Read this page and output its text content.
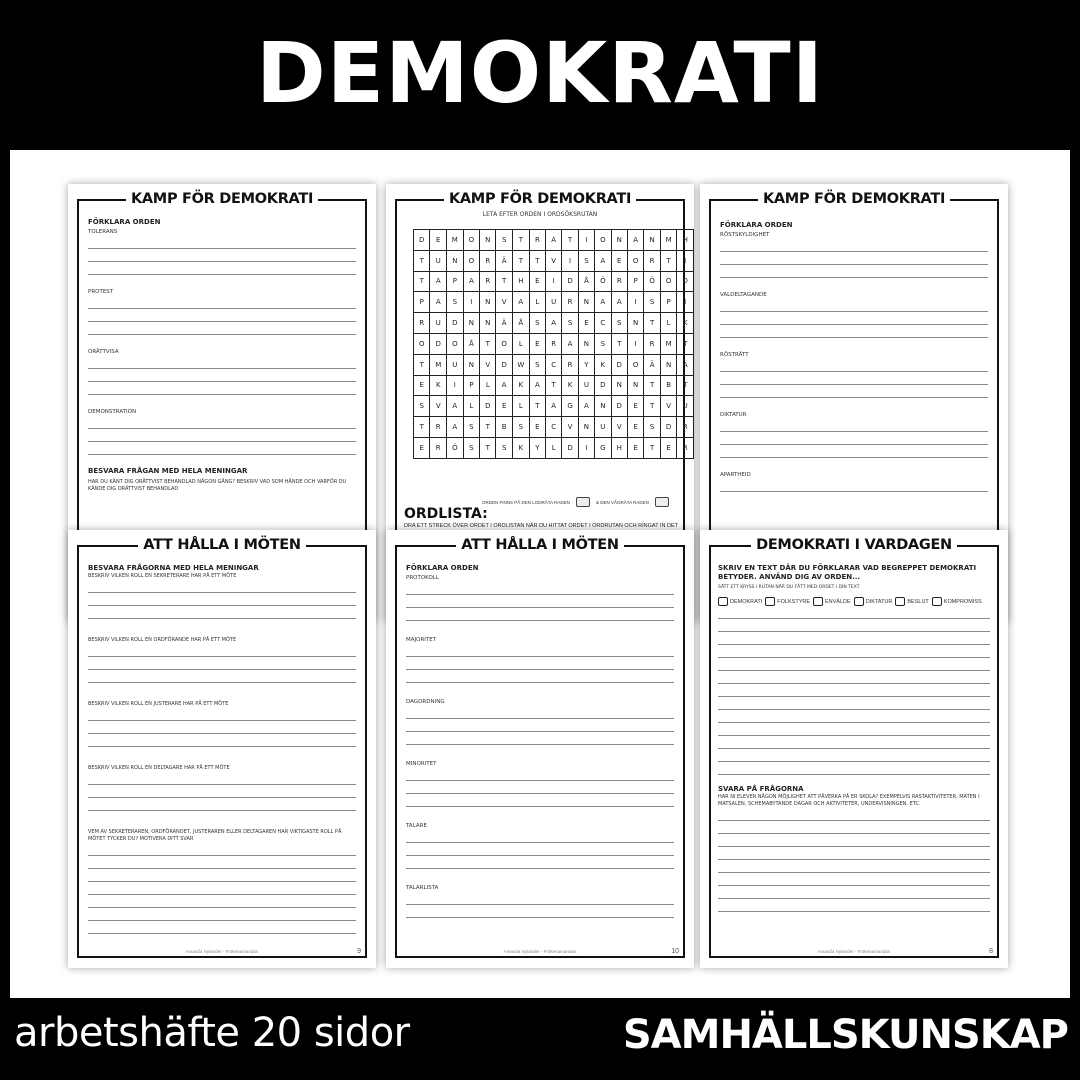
DEMOKRATI
KAMP FÖR DEMOKRATI
FÖRKLARA ORDEN
TOLERANS
PROTEST
ORÄTTVISA
DEMONSTRATION
BESVARA FRÅGAN MED HELA MENINGAR
HAR DU KÄNT DIG ORÄTTVIST BEHANDLAD NÅGON GÅNG? BESKRIV VAD SOM HÄNDE OCH VARFÖR DU KÄNDE DIG ORÄTTVIST BEHANDLAD
KAMP FÖR DEMOKRATI
LETA EFTER ORDEN I ORDSÖKSRUTAN
D	E	M	O	N	S	T	R	A	T	I	O	N	A	N	M	H
T	U	N	O	R	Ä	T	T	V	I	S	A	E	O	R	T	I
T	A	P	A	R	T	H	E	I	D	Å	Ö	R	P	Ö	O	D
P	A	S	I	N	V	A	L	U	R	N	A	A	I	S	P	I
R	U	D	N	N	Ä	Å	S	A	S	E	C	S	N	T	L	K
O	D	O	Å	T	O	L	E	R	A	N	S	T	I	R	M	T
T	M	U	N	V	D	W	S	C	R	Y	K	D	O	Ä	N	A
E	K	I	P	L	A	K	A	T	K	U	D	N	N	T	B	T
S	V	A	L	D	E	L	T	A	G	A	N	D	E	T	V	U
T	R	A	S	T	B	S	E	C	V	N	U	V	E	S	D	R
E	R	Ö	S	T	S	K	Y	L	D	I	G	H	E	T	E	R
ORDEN FINNS PÅ DEN LODRÄTA RADEN	& DEN VÅGRÄTA RADEN
ORDLISTA:
DRA ETT STRECK ÖVER ORDET I ORDLISTAN NÄR DU HITTAT ORDET I ORDRUTAN OCH RINGAT IN DET
KAMP FÖR DEMOKRATI
FÖRKLARA ORDEN
RÖSTSKYLDIGHET
VALDELTAGANDE
RÖSTRÄTT
DIKTATUR
APARTHEID
ATT HÅLLA I MÖTEN
BESVARA FRÅGORNA MED HELA MENINGAR
BESKRIV VILKEN ROLL EN SEKRETERARE HAR PÅ ETT MÖTE
BESKRIV VILKEN ROLL EN ORDFÖRANDE HAR PÅ ETT MÖTE
BESKRIV VILKEN ROLL EN JUSTERARE HAR PÅ ETT MÖTE
BESKRIV VILKEN ROLL EN DELTAGARE HAR PÅ ETT MÖTE
VEM AV SEKRETERAREN, ORDFÖRANDET, JUSTERAREN ELLER DELTAGAREN HAR VIKTIGASTE ROLL PÅ MÖTET TYCKER DU? MOTIVERA DITT SVAR
Amanda Nylander - Frökenamandan	9
ATT HÅLLA I MÖTEN
FÖRKLARA ORDEN
PROTOKOLL
MAJORITET
DAGORDNING
MINORITET
TALARE
TALARLISTA
Amanda Nylander - Frökenamandan	10
DEMOKRATI I VARDAGEN
SKRIV EN TEXT DÄR DU FÖRKLARAR VAD BEGREPPET DEMOKRATI BETYDER. ANVÄND DIG AV ORDEN...
SÄTT ETT KRYSS I RUTAN NÄR DU FÅTT MED ORDET I DIN TEXT
DEMOKRATI	FOLKSTYRE	ENVÄLDE	DIKTATUR	BESLUT	KOMPROMISS
SVARA PÅ FRÅGORNA
HAR NI ELEVER NÅGON MÖJLIGHET ATT PÅVERKA PÅ ER SKOLA? EXEMPELVIS RASTAKTIVITETER, MATEN I MATSALEN, SCHEMABYTANDE DAGAR OCH AKTIVITETER, UNDERVISNINGEN, ETC.
Amanda Nylander - Frökenamandan	8
arbetshäfte 20 sidor	SAMHÄLLSKUNSKAP
